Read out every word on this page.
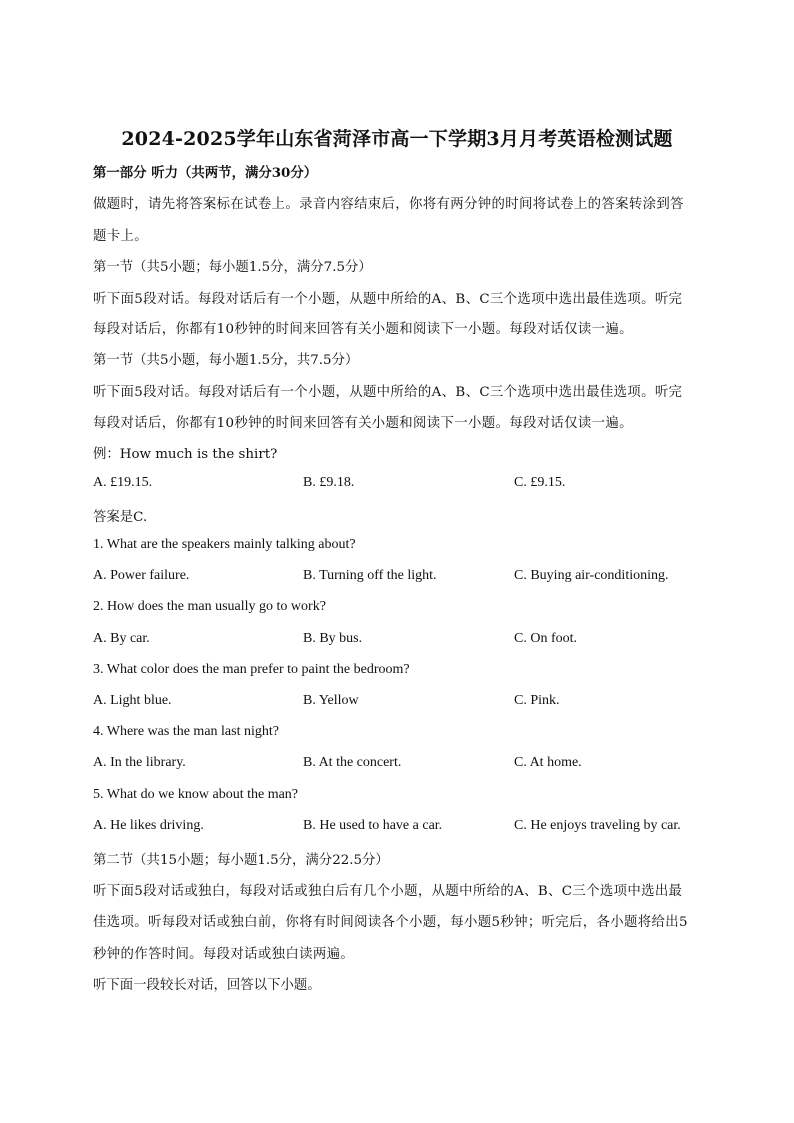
2024-2025学年山东省菏泽市高一下学期3月月考英语检测试题
第一部分 听力（共两节，满分30分）
做题时，请先将答案标在试卷上。录音内容结束后，你将有两分钟的时间将试卷上的答案转涂到答
题卡上。
第一节（共5小题；每小题1.5分，满分7.5分）
听下面5段对话。每段对话后有一个小题，从题中所给的A、B、C三个选项中选出最佳选项。听完
每段对话后，你都有10秒钟的时间来回答有关小题和阅读下一小题。每段对话仅读一遍。
第一节（共5小题，每小题1.5分，共7.5分）
听下面5段对话。每段对话后有一个小题，从题中所给的A、B、C三个选项中选出最佳选项。听完
每段对话后，你都有10秒钟的时间来回答有关小题和阅读下一小题。每段对话仅读一遍。
例：How much is the shirt?
A. £19.15.	B. £9.18.	C. £9.15.
答案是C.
1. What are the speakers mainly talking about?
A. Power failure.	B. Turning off the light.	C. Buying air-conditioning.
2. How does the man usually go to work?
A. By car.	B. By bus.	C. On foot.
3. What color does the man prefer to paint the bedroom?
A. Light blue.	B. Yellow	C. Pink.
4. Where was the man last night?
A. In the library.	B. At the concert.	C. At home.
5. What do we know about the man?
A. He likes driving.	B. He used to have a car.	C. He enjoys traveling by car.
第二节（共15小题；每小题1.5分，满分22.5分）
听下面5段对话或独白，每段对话或独白后有几个小题，从题中所给的A、B、C三个选项中选出最
佳选项。听每段对话或独白前，你将有时间阅读各个小题，每小题5秒钟；听完后，各小题将给出5
秒钟的作答时间。每段对话或独白读两遍。
听下面一段较长对话，回答以下小题。
